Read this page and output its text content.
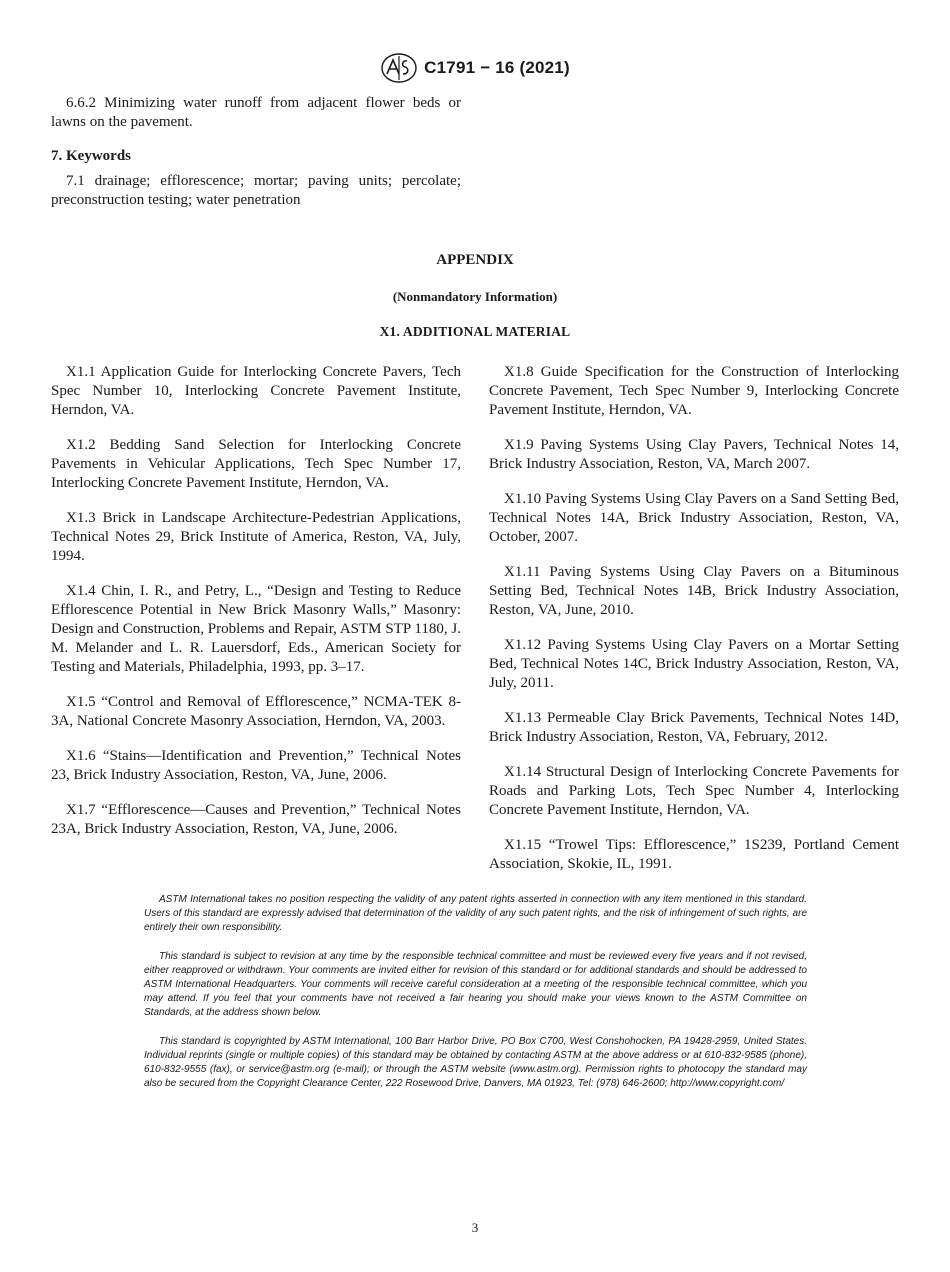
C1791 − 16 (2021)

6.6.2 Minimizing water runoff from adjacent flower beds or lawns on the pavement.

7. Keywords

7.1 drainage; efflorescence; mortar; paving units; percolate; preconstruction testing; water penetration

APPENDIX
(Nonmandatory Information)
X1. ADDITIONAL MATERIAL

X1.1 Application Guide for Interlocking Concrete Pavers, Tech Spec Number 10, Interlocking Concrete Pavement Institute, Herndon, VA.

X1.2 Bedding Sand Selection for Interlocking Concrete Pavements in Vehicular Applications, Tech Spec Number 17, Interlocking Concrete Pavement Institute, Herndon, VA.

X1.3 Brick in Landscape Architecture-Pedestrian Applications, Technical Notes 29, Brick Institute of America, Reston, VA, July, 1994.

X1.4 Chin, I. R., and Petry, L., “Design and Testing to Reduce Efflorescence Potential in New Brick Masonry Walls,” Masonry: Design and Construction, Problems and Repair, ASTM STP 1180, J. M. Melander and L. R. Lauersdorf, Eds., American Society for Testing and Materials, Philadelphia, 1993, pp. 3–17.

X1.5 “Control and Removal of Efflorescence,” NCMA-TEK 8-3A, National Concrete Masonry Association, Herndon, VA, 2003.

X1.6 “Stains—Identification and Prevention,” Technical Notes 23, Brick Industry Association, Reston, VA, June, 2006.

X1.7 “Efflorescence—Causes and Prevention,” Technical Notes 23A, Brick Industry Association, Reston, VA, June, 2006.

X1.8 Guide Specification for the Construction of Interlocking Concrete Pavement, Tech Spec Number 9, Interlocking Concrete Pavement Institute, Herndon, VA.

X1.9 Paving Systems Using Clay Pavers, Technical Notes 14, Brick Industry Association, Reston, VA, March 2007.

X1.10 Paving Systems Using Clay Pavers on a Sand Setting Bed, Technical Notes 14A, Brick Industry Association, Reston, VA, October, 2007.

X1.11 Paving Systems Using Clay Pavers on a Bituminous Setting Bed, Technical Notes 14B, Brick Industry Association, Reston, VA, June, 2010.

X1.12 Paving Systems Using Clay Pavers on a Mortar Setting Bed, Technical Notes 14C, Brick Industry Association, Reston, VA, July, 2011.

X1.13 Permeable Clay Brick Pavements, Technical Notes 14D, Brick Industry Association, Reston, VA, February, 2012.

X1.14 Structural Design of Interlocking Concrete Pavements for Roads and Parking Lots, Tech Spec Number 4, Interlocking Concrete Pavement Institute, Herndon, VA.

X1.15 “Trowel Tips: Efflorescence,” 1S239, Portland Cement Association, Skokie, IL, 1991.

ASTM International takes no position respecting the validity of any patent rights asserted in connection with any item mentioned in this standard. Users of this standard are expressly advised that determination of the validity of any such patent rights, and the risk of infringement of such rights, are entirely their own responsibility.

This standard is subject to revision at any time by the responsible technical committee and must be reviewed every five years and if not revised, either reapproved or withdrawn. Your comments are invited either for revision of this standard or for additional standards and should be addressed to ASTM International Headquarters. Your comments will receive careful consideration at a meeting of the responsible technical committee, which you may attend. If you feel that your comments have not received a fair hearing you should make your views known to the ASTM Committee on Standards, at the address shown below.

This standard is copyrighted by ASTM International, 100 Barr Harbor Drive, PO Box C700, West Conshohocken, PA 19428-2959, United States. Individual reprints (single or multiple copies) of this standard may be obtained by contacting ASTM at the above address or at 610-832-9585 (phone), 610-832-9555 (fax), or service@astm.org (e-mail); or through the ASTM website (www.astm.org). Permission rights to photocopy the standard may also be secured from the Copyright Clearance Center, 222 Rosewood Drive, Danvers, MA 01923, Tel: (978) 646-2600; http://www.copyright.com/

3
